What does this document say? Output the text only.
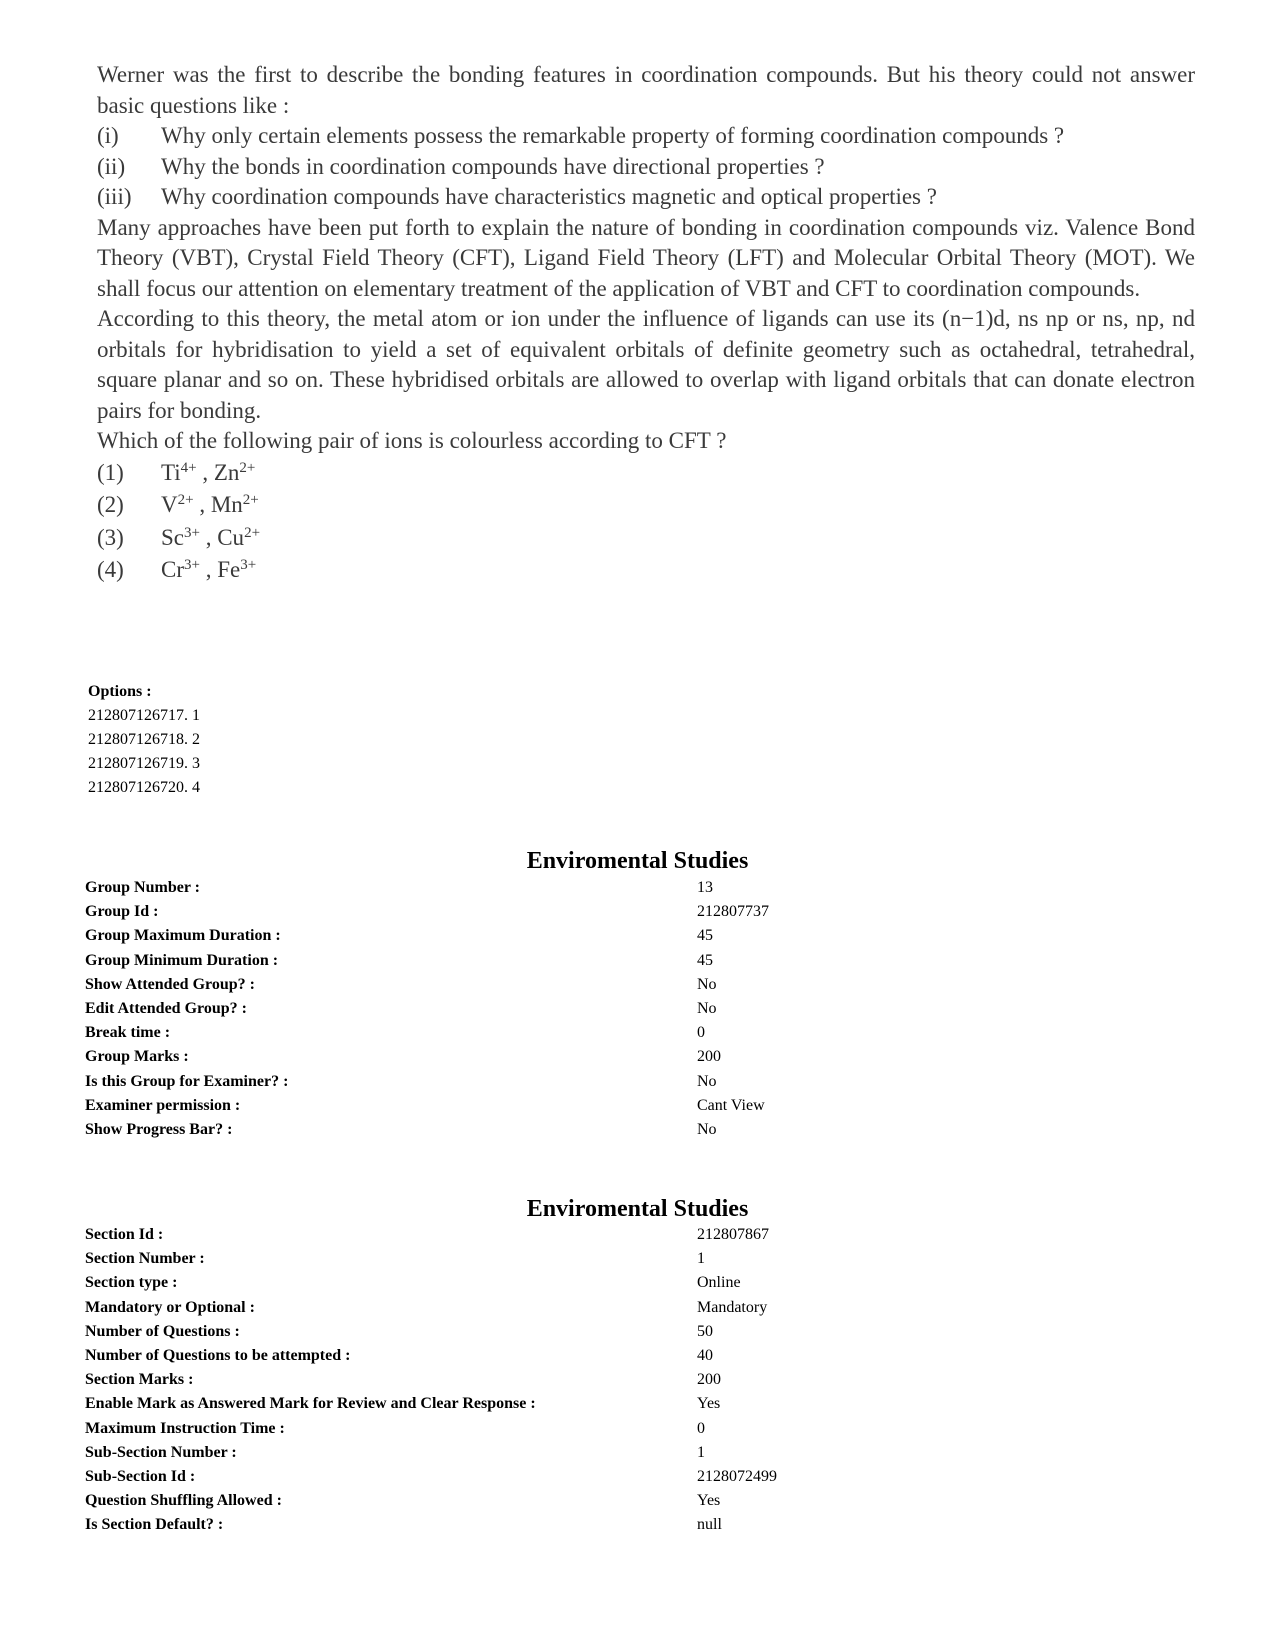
Werner was the first to describe the bonding features in coordination compounds. But his theory could not answer basic questions like :

(i)	Why only certain elements possess the remarkable property of forming coordination compounds ?
(ii)	Why the bonds in coordination compounds have directional properties ?
(iii)	Why coordination compounds have characteristics magnetic and optical properties ?

Many approaches have been put forth to explain the nature of bonding in coordination compounds viz. Valence Bond Theory (VBT), Crystal Field Theory (CFT), Ligand Field Theory (LFT) and Molecular Orbital Theory (MOT). We shall focus our attention on elementary treatment of the application of VBT and CFT to coordination compounds.

According to this theory, the metal atom or ion under the influence of ligands can use its (n−1)d, ns np or ns, np, nd orbitals for hybridisation to yield a set of equivalent orbitals of definite geometry such as octahedral, tetrahedral, square planar and so on. These hybridised orbitals are allowed to overlap with ligand orbitals that can donate electron pairs for bonding.

Which of the following pair of ions is colourless according to CFT ?

(1)	$Ti^{4+}$ , $Zn^{2+}$
(2)	$V^{2+}$ , $Mn^{2+}$
(3)	$Sc^{3+}$ , $Cu^{2+}$
(4)	$Cr^{3+}$ , $Fe^{3+}$
Options :
212807126717. 1
212807126718. 2
212807126719. 3
212807126720. 4
Enviromental Studies
Group Number :	13
Group Id :	212807737
Group Maximum Duration :	45
Group Minimum Duration :	45
Show Attended Group? :	No
Edit Attended Group? :	No
Break time :	0
Group Marks :	200
Is this Group for Examiner? :	No
Examiner permission :	Cant View
Show Progress Bar? :	No
Enviromental Studies
Section Id :	212807867
Section Number :	1
Section type :	Online
Mandatory or Optional :	Mandatory
Number of Questions :	50
Number of Questions to be attempted :	40
Section Marks :	200
Enable Mark as Answered Mark for Review and Clear Response :	Yes
Maximum Instruction Time :	0
Sub-Section Number :	1
Sub-Section Id :	2128072499
Question Shuffling Allowed :	Yes
Is Section Default? :	null
